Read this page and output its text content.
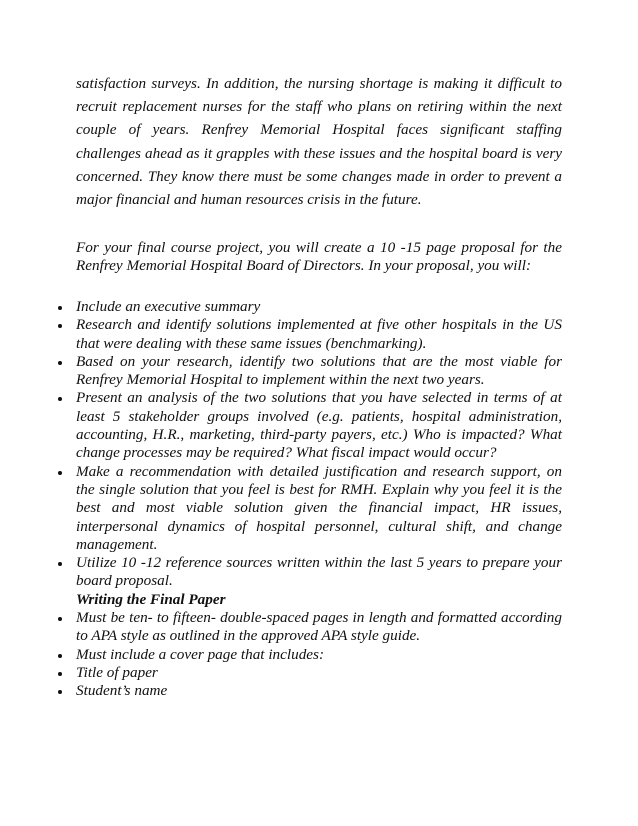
satisfaction surveys. In addition, the nursing shortage is making it difficult to recruit replacement nurses for the staff who plans on retiring within the next couple of years. Renfrey Memorial Hospital faces significant staffing challenges ahead as it grapples with these issues and the hospital board is very concerned. They know there must be some changes made in order to prevent a major financial and human resources crisis in the future.

For your final course project, you will create a 10 -15 page proposal for the Renfrey Memorial Hospital Board of Directors. In your proposal, you will:

Include an executive summary
Research and identify solutions implemented at five other hospitals in the US that were dealing with these same issues (benchmarking).
Based on your research, identify two solutions that are the most viable for Renfrey Memorial Hospital to implement within the next two years.
Present an analysis of the two solutions that you have selected in terms of at least 5 stakeholder groups involved (e.g. patients, hospital administration, accounting, H.R., marketing, third-party payers, etc.) Who is impacted? What change processes may be required? What fiscal impact would occur?
Make a recommendation with detailed justification and research support, on the single solution that you feel is best for RMH. Explain why you feel it is the best and most viable solution given the financial impact, HR issues, interpersonal dynamics of hospital personnel, cultural shift, and change management.
Utilize 10 -12 reference sources written within the last 5 years to prepare your board proposal.
Writing the Final Paper
Must be ten- to fifteen- double-spaced pages in length and formatted according to APA style as outlined in the approved APA style guide.
Must include a cover page that includes:
Title of paper
Student’s name
